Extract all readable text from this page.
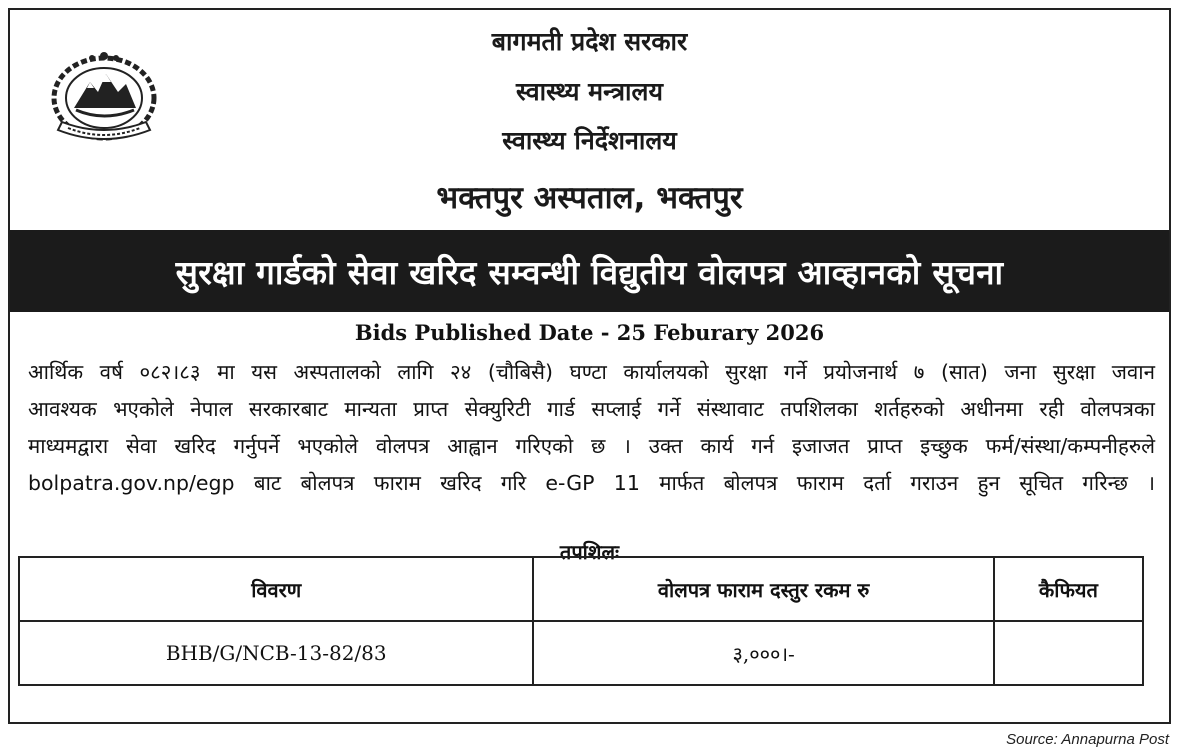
बागमती प्रदेश सरकार
स्वास्थ्य मन्त्रालय
स्वास्थ्य निर्देशनालय
भक्तपुर अस्पताल, भक्तपुर
सुरक्षा गार्डको सेवा खरिद सम्वन्धी विद्युतीय वोलपत्र आव्हानको सूचना
Bids Published Date - 25 Feburary 2026
आर्थिक वर्ष ०८२।८३ मा यस अस्पतालको लागि २४ (चौबिसै) घण्टा कार्यालयको सुरक्षा गर्ने प्रयोजनार्थ ७ (सात) जना सुरक्षा जवान
आवश्यक भएकोले नेपाल सरकारबाट मान्यता प्राप्त सेक्युरिटी गार्ड सप्लाई गर्ने संस्थावाट तपशिलका शर्तहरुको अधीनमा रही वोलपत्रका
माध्यमद्वारा सेवा खरिद गर्नुपर्ने भएकोले वोलपत्र आह्वान गरिएको छ । उक्त कार्य गर्न इजाजत प्राप्त इच्छुक फर्म/संस्था/कम्पनीहरुले
bolpatra.gov.np/egp बाट बोलपत्र फाराम खरिद गरि e-GP 11 मार्फत बोलपत्र फाराम दर्ता गराउन हुन सूचित गरिन्छ ।
तपशिलः
विवरण	वोलपत्र फाराम दस्तुर रकम रु	कैफियत
BHB/G/NCB-13-82/83	३,०००।-	
Source: Annapurna Post
